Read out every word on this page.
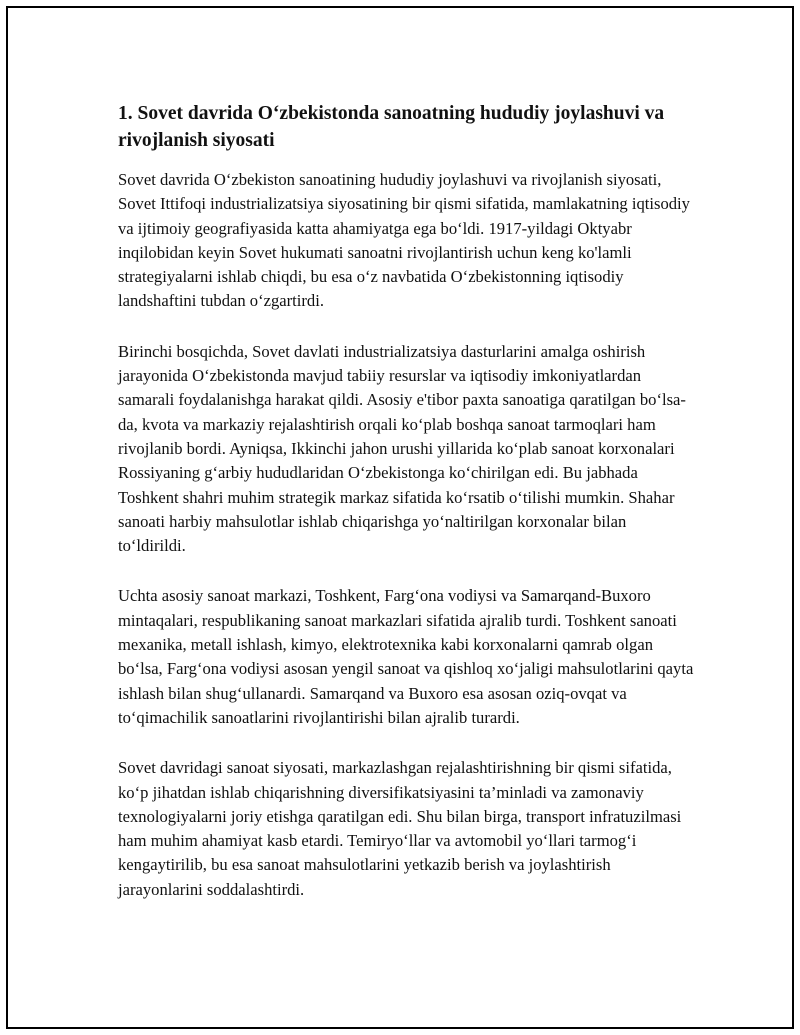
1. Sovet davrida O‘zbekistonda sanoatning hududiy joylashuvi va rivojlanish siyosati

Sovet davrida O‘zbekiston sanoatining hududiy joylashuvi va rivojlanish siyosati, Sovet Ittifoqi industrializatsiya siyosatining bir qismi sifatida, mamlakatning iqtisodiy va ijtimoiy geografiyasida katta ahamiyatga ega bo‘ldi. 1917-yildagi Oktyabr inqilobidan keyin Sovet hukumati sanoatni rivojlantirish uchun keng ko'lamli strategiyalarni ishlab chiqdi, bu esa o‘z navbatida O‘zbekistonning iqtisodiy landshaftini tubdan o‘zgartirdi.

Birinchi bosqichda, Sovet davlati industrializatsiya dasturlarini amalga oshirish jarayonida O‘zbekistonda mavjud tabiiy resurslar va iqtisodiy imkoniyatlardan samarali foydalanishga harakat qildi. Asosiy e'tibor paxta sanoatiga qaratilgan bo‘lsa-da, kvota va markaziy rejalashtirish orqali ko‘plab boshqa sanoat tarmoqlari ham rivojlanib bordi. Ayniqsa, Ikkinchi jahon urushi yillarida ko‘plab sanoat korxonalari Rossiyaning g‘arbiy hududlaridan O‘zbekistonga ko‘chirilgan edi. Bu jabhada Toshkent shahri muhim strategik markaz sifatida ko‘rsatib o‘tilishi mumkin. Shahar sanoati harbiy mahsulotlar ishlab chiqarishga yo‘naltirilgan korxonalar bilan to‘ldirildi.

Uchta asosiy sanoat markazi, Toshkent, Farg‘ona vodiysi va Samarqand-Buxoro mintaqalari, respublikaning sanoat markazlari sifatida ajralib turdi. Toshkent sanoati mexanika, metall ishlash, kimyo, elektrotexnika kabi korxonalarni qamrab olgan bo‘lsa, Farg‘ona vodiysi asosan yengil sanoat va qishloq xo‘jaligi mahsulotlarini qayta ishlash bilan shug‘ullanardi. Samarqand va Buxoro esa asosan oziq-ovqat va to‘qimachilik sanoatlarini rivojlantirishi bilan ajralib turardi.

Sovet davridagi sanoat siyosati, markazlashgan rejalashtirishning bir qismi sifatida, ko‘p jihatdan ishlab chiqarishning diversifikatsiyasini ta’minladi va zamonaviy texnologiyalarni joriy etishga qaratilgan edi. Shu bilan birga, transport infratuzilmasi ham muhim ahamiyat kasb etardi. Temiryo‘llar va avtomobil yo‘llari tarmog‘i kengaytirilib, bu esa sanoat mahsulotlarini yetkazib berish va joylashtirish jarayonlarini soddalashtirdi.
